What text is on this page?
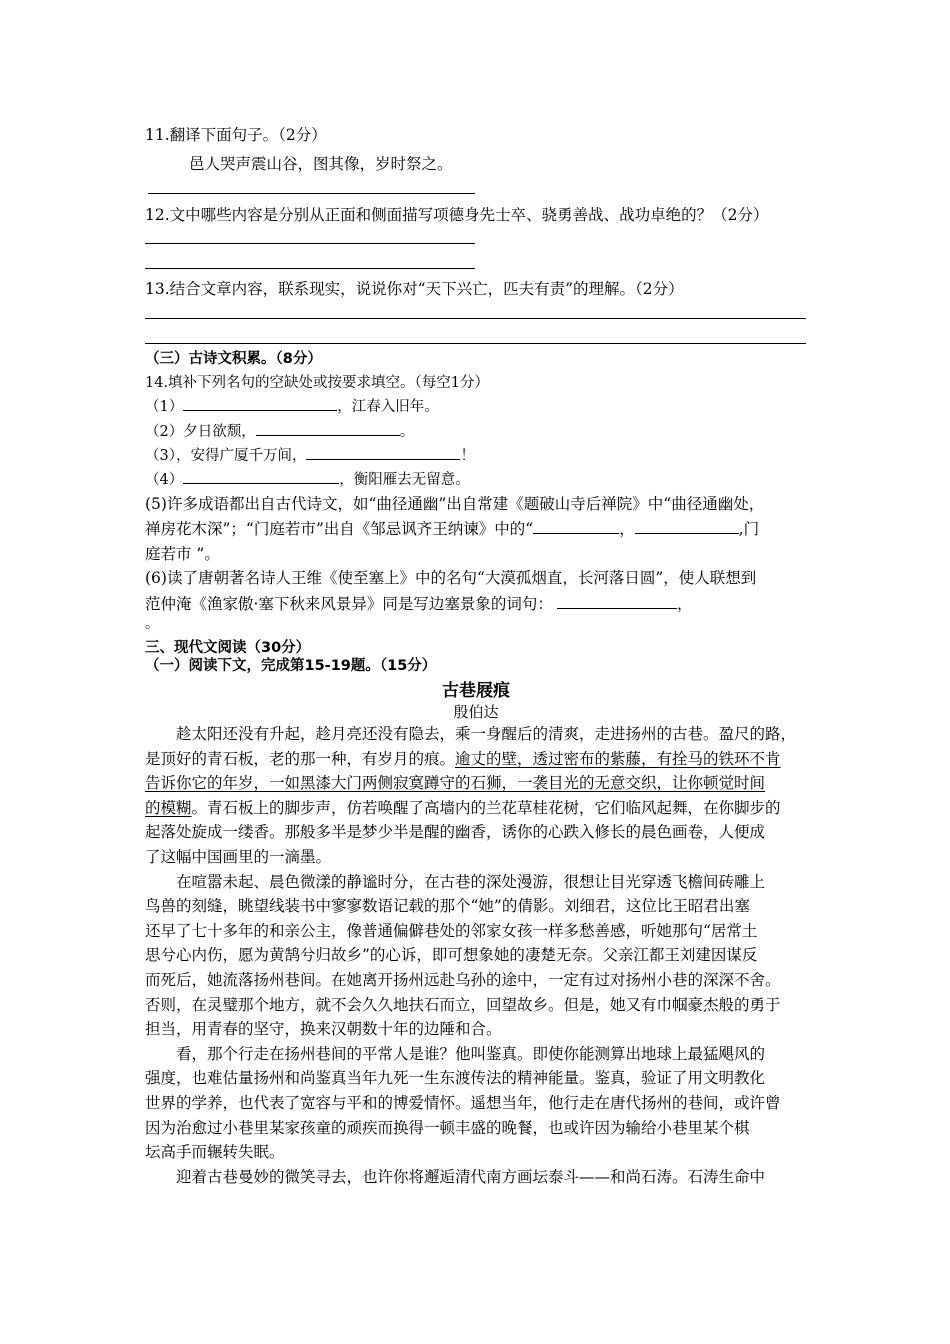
11.翻译下面句子。（2分）
邑人哭声震山谷，图其像，岁时祭之。
12.文中哪些内容是分别从正面和侧面描写项德身先士卒、骁勇善战、战功卓绝的？（2分）
13.结合文章内容，联系现实，说说你对“天下兴亡，匹夫有责”的理解。（2分）
（三）古诗文积累。（8分）
14.填补下列名句的空缺处或按要求填空。（每空1分）
（1）	，江春入旧年。
（2）夕日欲颓，	。
（3），安得广厦千万间，	！
（4）	，衡阳雁去无留意。
(5)许多成语都出自古代诗文，如“曲径通幽”出自常建《题破山寺后禅院》中“曲径通幽处，
禅房花木深”；“门庭若市”出自《邹忌讽齐王纳谏》中的“	，	,门
庭若市 ”。
(6)读了唐朝著名诗人王维《使至塞上》中的名句“大漠孤烟直，长河落日圆”，使人联想到
范仲淹《渔家傲·塞下秋来风景异》同是写边塞景象的词句：	，
。
三、现代文阅读（30分）
（一）阅读下文，完成第15-19题。（15分）
古巷屐痕
殷伯达
　　趁太阳还没有升起，趁月亮还没有隐去，乘一身醒后的清爽，走进扬州的古巷。盈尺的路，
是顶好的青石板，老的那一种，有岁月的痕。逾丈的壁，透过密布的紫藤，有拴马的铁环不肯
告诉你它的年岁，一如黑漆大门两侧寂寞蹲守的石狮，一袭目光的无意交织，让你顿觉时间
的模糊。青石板上的脚步声，仿若唤醒了高墙内的兰花草桂花树，它们临风起舞，在你脚步的
起落处旋成一缕香。那般多半是梦少半是醒的幽香，诱你的心跌入修长的晨色画卷，人便成
了这幅中国画里的一滴墨。
　　在喧嚣未起、晨色微漾的静谧时分，在古巷的深处漫游，很想让目光穿透飞檐间砖雕上
鸟兽的刻缝，眺望线装书中寥寥数语记载的那个“她”的倩影。刘细君，这位比王昭君出塞
还早了七十多年的和亲公主，像普通偏僻巷处的邻家女孩一样多愁善感，听她那句“居常土
思兮心内伤，愿为黄鹄兮归故乡”的心诉，即可想象她的凄楚无奈。父亲江都王刘建因谋反
而死后，她流落扬州巷间。在她离开扬州远赴乌孙的途中，一定有过对扬州小巷的深深不舍。
否则，在灵璧那个地方，就不会久久地扶石而立，回望故乡。但是，她又有巾帼豪杰般的勇于
担当，用青春的坚守，换来汉朝数十年的边陲和合。
　　看，那个行走在扬州巷间的平常人是谁？他叫鉴真。即使你能测算出地球上最猛飓风的
强度，也难估量扬州和尚鉴真当年九死一生东渡传法的精神能量。鉴真，验证了用文明教化
世界的学养，也代表了宽容与平和的博爱情怀。遥想当年，他行走在唐代扬州的巷间，或许曾
因为治愈过小巷里某家孩童的顽疾而换得一顿丰盛的晚餐，也或许因为输给小巷里某个棋
坛高手而辗转失眠。
　　迎着古巷曼妙的微笑寻去，也许你将邂逅清代南方画坛泰斗——和尚石涛。石涛生命中
